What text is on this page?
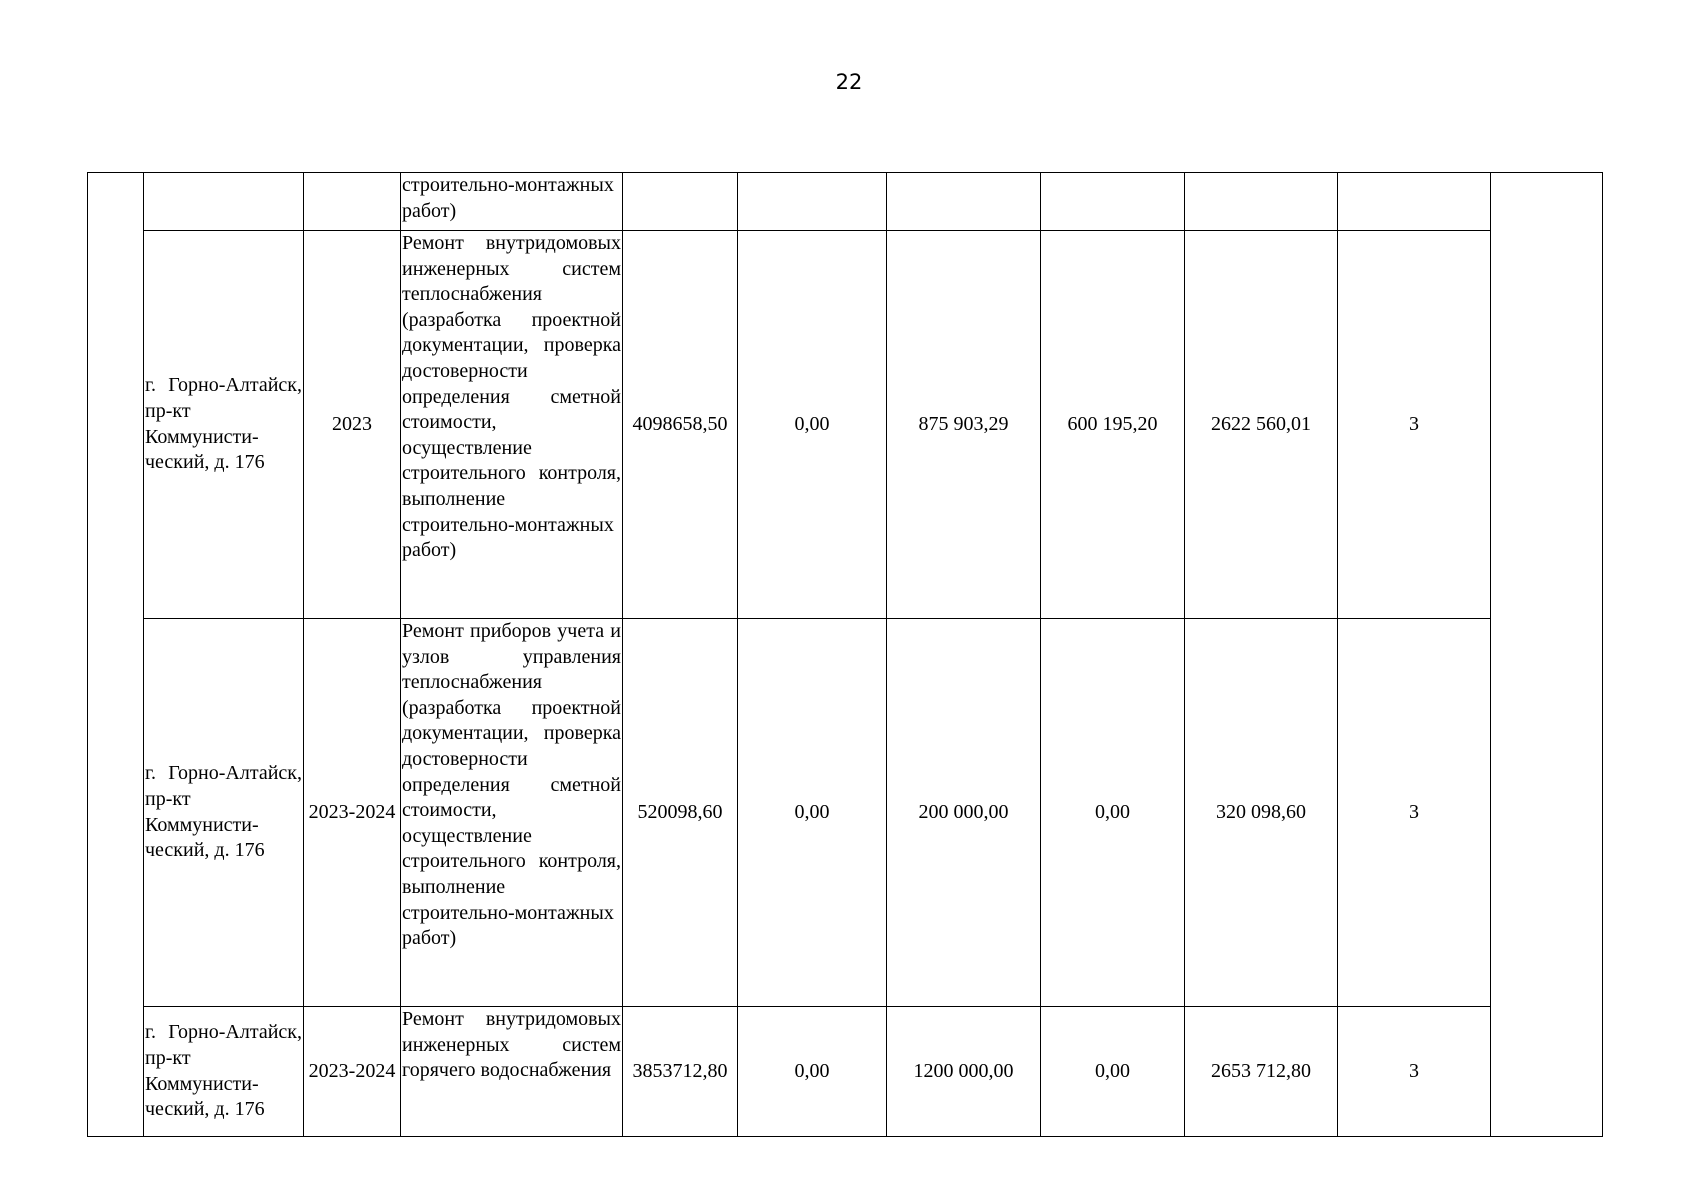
22
			строительно-монтажных работ)							
	г. Горно-Алтайск, пр-кт Коммунисти-ческий, д. 176	2023	Ремонт внутридомовых инженерных систем теплоснабжения (разработка проектной документации, проверка достоверности определения сметной стоимости, осуществление строительного контроля, выполнение строительно-монтажных работ)	4098658,50	0,00	875 903,29	600 195,20	2622 560,01	3	
	г. Горно-Алтайск, пр-кт Коммунисти-ческий, д. 176	2023-2024	Ремонт приборов учета и узлов управления теплоснабжения (разработка проектной документации, проверка достоверности определения сметной стоимости, осуществление строительного контроля, выполнение строительно-монтажных работ)	520098,60	0,00	200 000,00	0,00	320 098,60	3	
	г. Горно-Алтайск, пр-кт Коммунисти-ческий, д. 176	2023-2024	Ремонт внутридомовых инженерных систем горячего водоснабжения	3853712,80	0,00	1200 000,00	0,00	2653 712,80	3	
